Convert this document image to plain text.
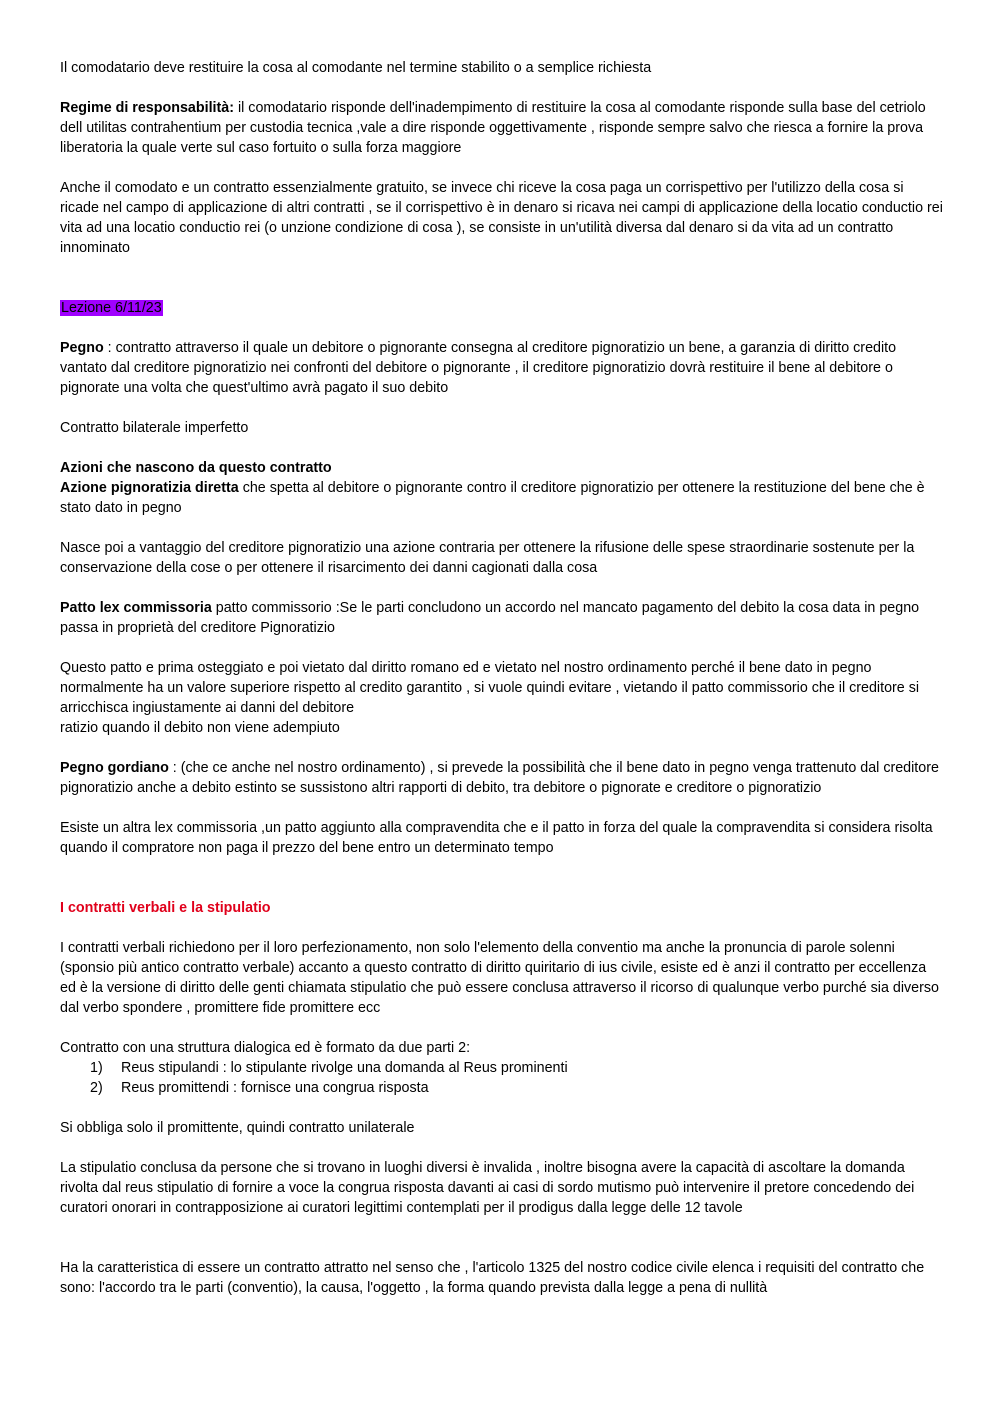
Il comodatario deve restituire la cosa al comodante nel termine stabilito o a semplice richiesta

Regime di responsabilità: il comodatario risponde dell'inadempimento di restituire la cosa al comodante risponde sulla base del cetriolo dell utilitas contrahentium per custodia tecnica ,vale a dire risponde oggettivamente , risponde sempre salvo che riesca a fornire la prova liberatoria la quale verte sul caso fortuito o sulla forza maggiore

Anche il comodato e un contratto essenzialmente gratuito, se invece chi riceve la cosa paga un corrispettivo per l'utilizzo della cosa si ricade nel campo di applicazione di altri contratti , se il corrispettivo è in denaro si ricava nei campi di applicazione della locatio conductio rei vita ad una locatio conductio rei (o unzione condizione di cosa ), se consiste in un'utilità diversa dal denaro si da vita ad un contratto innominato

Lezione 6/11/23

Pegno : contratto attraverso il quale un debitore o pignorante consegna al creditore pignoratizio un bene, a garanzia di diritto credito vantato dal creditore pignoratizio nei confronti del debitore o pignorante , il creditore pignoratizio dovrà restituire il bene al debitore o pignorate una volta che quest'ultimo avrà pagato il suo debito

Contratto bilaterale imperfetto

Azioni che nascono da questo contratto

Azione pignoratizia diretta che spetta al debitore o pignorante contro il creditore pignoratizio per ottenere la restituzione del bene che è stato dato in pegno

Nasce poi a vantaggio del creditore pignoratizio una azione contraria per ottenere la rifusione delle spese straordinarie sostenute per la conservazione della cose o per ottenere il risarcimento dei danni cagionati dalla cosa

Patto lex commissoria patto commissorio :Se le parti concludono un accordo nel mancato pagamento del debito la cosa data in pegno passa in proprietà del creditore Pignoratizio

Questo patto e prima osteggiato e poi vietato dal diritto romano ed e vietato nel nostro ordinamento perché il bene dato in pegno normalmente ha un valore superiore rispetto al credito garantito , si vuole quindi evitare , vietando il patto commissorio che il creditore si arricchisca ingiustamente ai danni del debitore

ratizio quando il debito non viene adempiuto

Pegno gordiano : (che ce anche nel nostro ordinamento) , si prevede la possibilità che il bene dato in pegno venga trattenuto dal creditore pignoratizio anche a debito estinto se sussistono altri rapporti di debito, tra debitore o pignorate e creditore o pignoratizio

Esiste un altra lex commissoria ,un patto aggiunto alla compravendita che e il patto in forza del quale la compravendita si considera risolta quando il compratore non paga il prezzo del bene entro un determinato tempo

I contratti verbali e la stipulatio

I contratti verbali richiedono per il loro perfezionamento, non solo l'elemento della conventio ma anche la pronuncia di parole solenni (sponsio più antico contratto verbale) accanto a questo contratto di diritto quiritario di ius civile, esiste ed è anzi il contratto per eccellenza ed è la versione di diritto delle genti chiamata stipulatio che può essere conclusa attraverso il ricorso di qualunque verbo purché sia diverso dal verbo spondere , promittere fide promittere ecc

Contratto con una struttura dialogica ed è formato da due parti 2:

1) Reus stipulandi : lo stipulante rivolge una domanda al Reus prominenti
2) Reus promittendi : fornisce una congrua risposta

Si obbliga solo il promittente, quindi contratto unilaterale

La stipulatio conclusa da persone che si trovano in luoghi diversi è invalida , inoltre bisogna avere la capacità di ascoltare la domanda rivolta dal reus stipulatio di fornire a voce la congrua risposta davanti ai casi di sordo mutismo può intervenire il pretore concedendo dei curatori onorari in contrapposizione ai curatori legittimi contemplati per il prodigus dalla legge delle 12 tavole

Ha la caratteristica di essere un contratto attratto nel senso che , l'articolo 1325 del nostro codice civile elenca i requisiti del contratto che sono: l'accordo tra le parti (conventio), la causa, l'oggetto , la forma quando prevista dalla legge a pena di nullità
